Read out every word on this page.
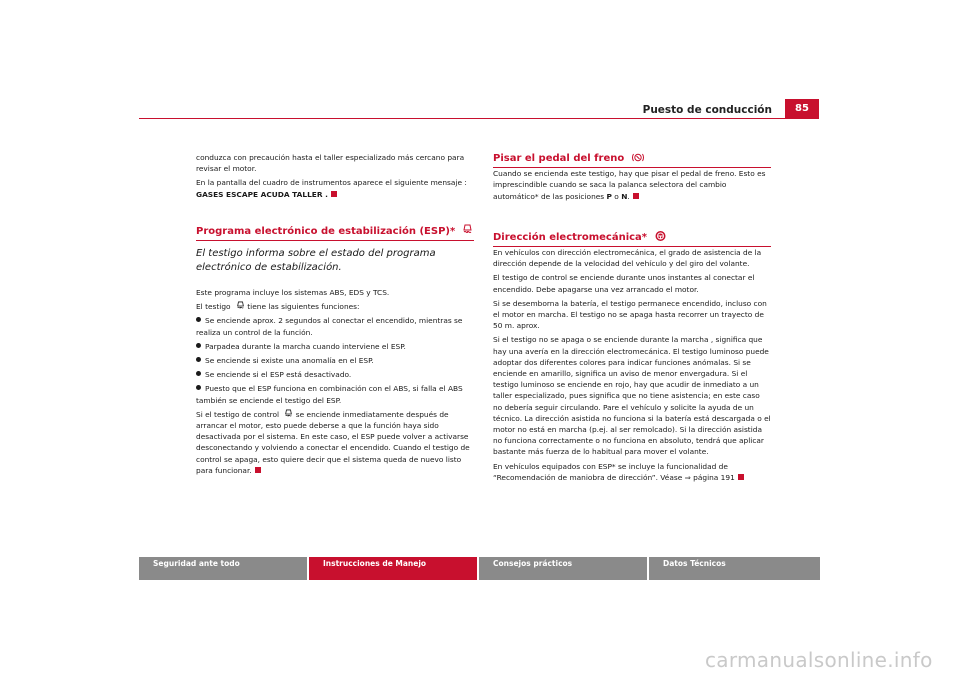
Puesto de conducción	85

conduzca con precaución hasta el taller especializado más cercano para revisar el motor.

En la pantalla del cuadro de instrumentos aparece el siguiente mensaje :
GASES ESCAPE ACUDA TALLER .

Programa electrónico de estabilización (ESP)*
El testigo informa sobre el estado del programa electrónico de estabilización.

Este programa incluye los sistemas ABS, EDS y TCS.

El testigo tiene las siguientes funciones:

Se enciende aprox. 2 segundos al conectar el encendido, mientras se realiza un control de la función.

Parpadea durante la marcha cuando interviene el ESP.

Se enciende si existe una anomalía en el ESP.

Se enciende si el ESP está desactivado.

Puesto que el ESP funciona en combinación con el ABS, si falla el ABS también se enciende el testigo del ESP.

Si el testigo de control se enciende inmediatamente después de arrancar el motor, esto puede deberse a que la función haya sido desactivada por el sistema. En este caso, el ESP puede volver a activarse desconectando y volviendo a conectar el encendido. Cuando el testigo de control se apaga, esto quiere decir que el sistema queda de nuevo listo para funcionar.

Pisar el pedal del freno

Cuando se encienda este testigo, hay que pisar el pedal de freno. Esto es imprescindible cuando se saca la palanca selectora del cambio automático* de las posiciones P o N.

Dirección electromecánica*

En vehículos con dirección electromecánica, el grado de asistencia de la dirección depende de la velocidad del vehículo y del giro del volante.

El testigo de control se enciende durante unos instantes al conectar el encendido. Debe apagarse una vez arrancado el motor.

Si se desemborna la batería, el testigo permanece encendido, incluso con el motor en marcha. El testigo no se apaga hasta recorrer un trayecto de 50 m. aprox.

Si el testigo no se apaga o se enciende durante la marcha , significa que hay una avería en la dirección electromecánica. El testigo luminoso puede adoptar dos diferentes colores para indicar funciones anómalas. Si se enciende en amarillo, significa un aviso de menor envergadura. Si el testigo luminoso se enciende en rojo, hay que acudir de inmediato a un taller especializado, pues significa que no tiene asistencia; en este caso no debería seguir circulando. Pare el vehículo y solicite la ayuda de un técnico. La dirección asistida no funciona si la batería está descargada o el motor no está en marcha (p.ej. al ser remolcado). Si la dirección asistida no funciona correctamente o no funciona en absoluto, tendrá que aplicar bastante más fuerza de lo habitual para mover el volante.

En vehículos equipados con ESP* se incluye la funcionalidad de “Recomendación de maniobra de dirección”. Véase ⇒ página 191

Seguridad ante todo	Instrucciones de Manejo	Consejos prácticos	Datos Técnicos
carmanualsonline.info
